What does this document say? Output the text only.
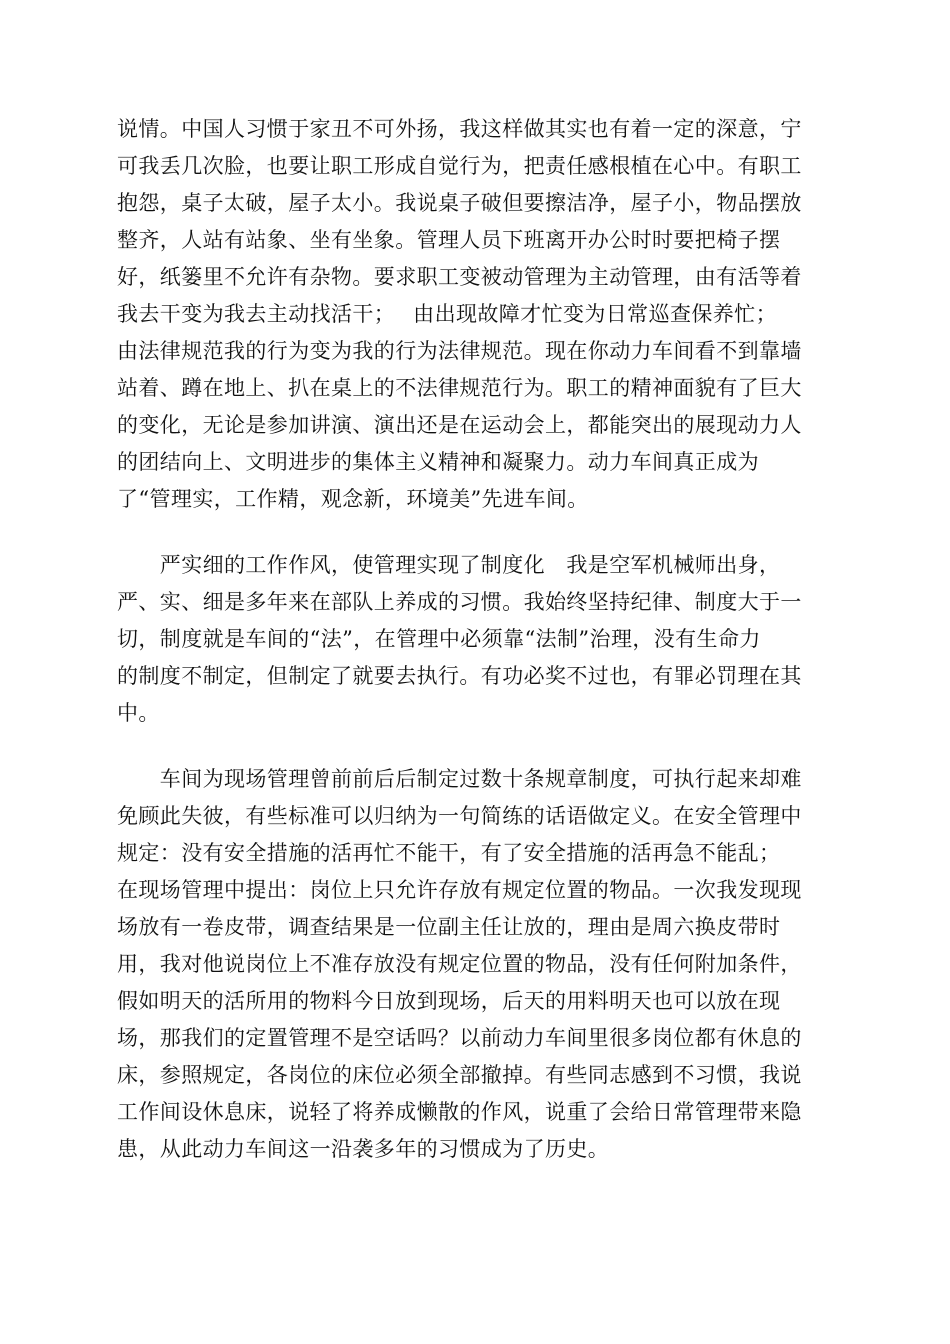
说情。中国人习惯于家丑不可外扬，我这样做其实也有着一定的深意，宁
可我丢几次脸，也要让职工形成自觉行为，把责任感根植在心中。有职工
抱怨，桌子太破，屋子太小。我说桌子破但要擦洁净，屋子小，物品摆放
整齐，人站有站象、坐有坐象。管理人员下班离开办公时时要把椅子摆
好，纸篓里不允许有杂物。要求职工变被动管理为主动管理，由有活等着
我去干变为我去主动找活干；　 由出现故障才忙变为日常巡查保养忙；
由法律规范我的行为变为我的行为法律规范。现在你动力车间看不到靠墙
站着、蹲在地上、扒在桌上的不法律规范行为。职工的精神面貌有了巨大
的变化，无论是参加讲演、演出还是在运动会上，都能突出的展现动力人
的团结向上、文明进步的集体主义精神和凝聚力。动力车间真正成为
了“管理实，工作精，观念新，环境美”先进车间。
　　严实细的工作作风，使管理实现了制度化　我是空军机械师出身，
严、实、细是多年来在部队上养成的习惯。我始终坚持纪律、制度大于一
切，制度就是车间的“法”，在管理中必须靠“法制”治理，没有生命力
的制度不制定，但制定了就要去执行。有功必奖不过也，有罪必罚理在其
中。
　　车间为现场管理曾前前后后制定过数十条规章制度，可执行起来却难
免顾此失彼，有些标准可以归纳为一句简练的话语做定义。在安全管理中
规定：没有安全措施的活再忙不能干，有了安全措施的活再急不能乱；
在现场管理中提出：岗位上只允许存放有规定位置的物品。一次我发现现
场放有一卷皮带，调查结果是一位副主任让放的，理由是周六换皮带时
用，我对他说岗位上不准存放没有规定位置的物品，没有任何附加条件，
假如明天的活所用的物料今日放到现场，后天的用料明天也可以放在现
场，那我们的定置管理不是空话吗？以前动力车间里很多岗位都有休息的
床，参照规定，各岗位的床位必须全部撤掉。有些同志感到不习惯，我说
工作间设休息床，说轻了将养成懒散的作风，说重了会给日常管理带来隐
患，从此动力车间这一沿袭多年的习惯成为了历史。
